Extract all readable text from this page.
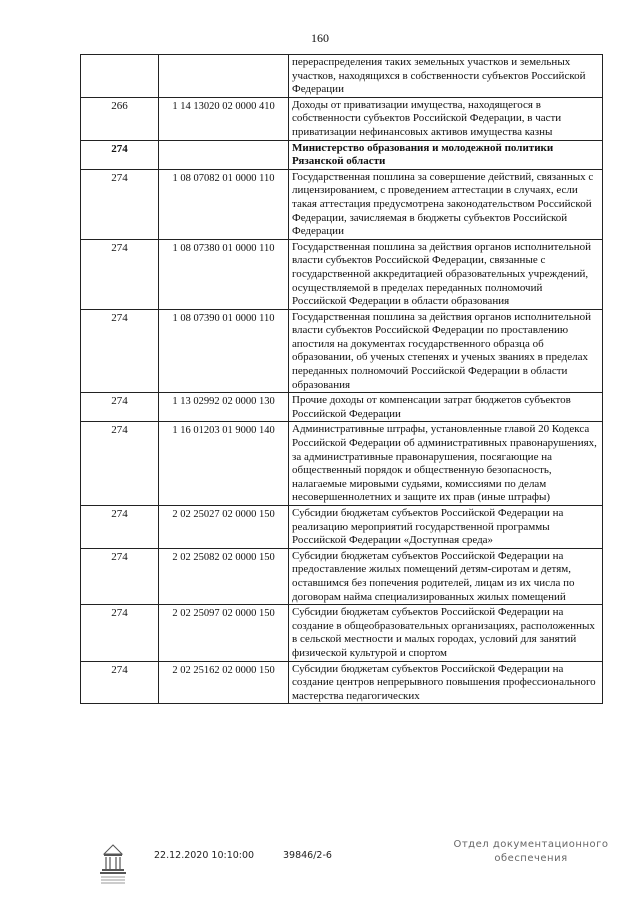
160
		перераспределения таких земельных участков и земельных участков, находящихся в собственности субъектов Российской Федерации
266	1 14 13020 02 0000 410	Доходы от приватизации имущества, находящегося в собственности субъектов Российской Федерации, в части приватизации нефинансовых активов имущества казны
274		Министерство образования и молодежной политики Рязанской области
274	1 08 07082 01 0000 110	Государственная пошлина за совершение действий, связанных с лицензированием, с проведением аттестации в случаях, если такая аттестация предусмотрена законодательством Российской Федерации, зачисляемая в бюджеты субъектов Российской Федерации
274	1 08 07380 01 0000 110	Государственная пошлина за действия органов исполнительной власти субъектов Российской Федерации, связанные с государственной аккредитацией образовательных учреждений, осуществляемой в пределах переданных полномочий Российской Федерации в области образования
274	1 08 07390 01 0000 110	Государственная пошлина за действия органов исполнительной власти субъектов Российской Федерации по проставлению апостиля на документах государственного образца об образовании, об ученых степенях и ученых званиях в пределах переданных полномочий Российской Федерации в области образования
274	1 13 02992 02 0000 130	Прочие доходы от компенсации затрат бюджетов субъектов Российской Федерации
274	1 16 01203 01 9000 140	Административные штрафы, установленные главой 20 Кодекса Российской Федерации об административных правонарушениях, за административные правонарушения, посягающие на общественный порядок и общественную безопасность, налагаемые мировыми судьями, комиссиями по делам несовершеннолетних и защите их прав (иные штрафы)
274	2 02 25027 02 0000 150	Субсидии бюджетам субъектов Российской Федерации на реализацию мероприятий государственной программы Российской Федерации «Доступная среда»
274	2 02 25082 02 0000 150	Субсидии бюджетам субъектов Российской Федерации на предоставление жилых помещений детям-сиротам и детям, оставшимся без попечения родителей, лицам из их числа по договорам найма специализированных жилых помещений
274	2 02 25097 02 0000 150	Субсидии бюджетам субъектов Российской Федерации на создание в общеобразовательных организациях, расположенных в сельской местности и малых городах, условий для занятий физической культурой и спортом
274	2 02 25162 02 0000 150	Субсидии бюджетам субъектов Российской Федерации на создание центров непрерывного повышения профессионального мастерства педагогических
22.12.2020 10:10:00	39846/2-6
Отдел документационного
обеспечения
